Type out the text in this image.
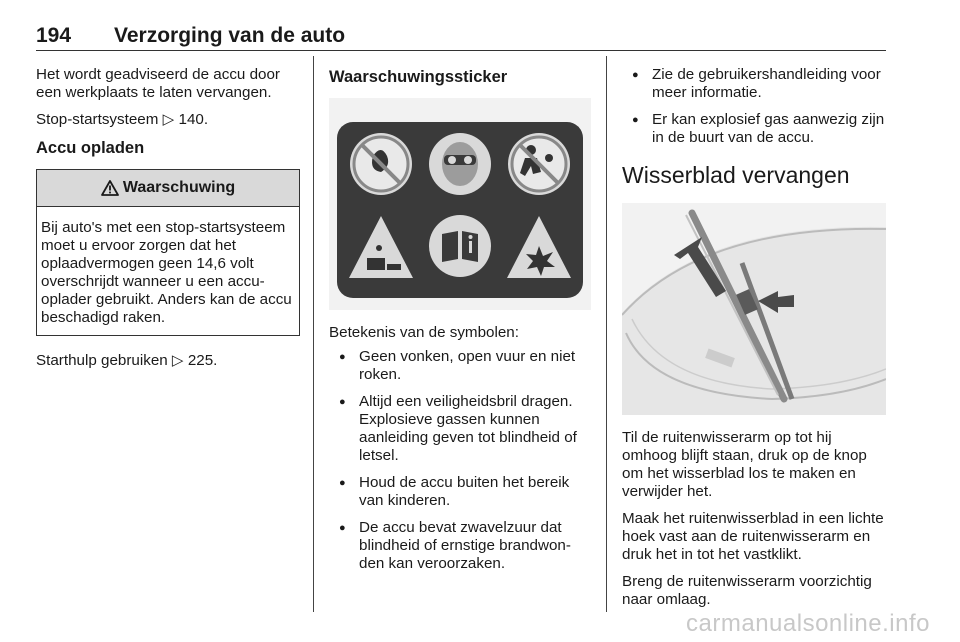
194 Verzorging van de auto

Het wordt geadviseerd de accu door een werkplaats te laten vervangen.

Stop-startsysteem ▷ 140.

Accu opladen
Waarschuwing
Bij auto's met een stop-startsysteem moet u ervoor zorgen dat het oplaadvermogen geen 14,6 volt overschrijdt wanneer u een accuoplader gebruikt. Anders kan de accu beschadigd raken.

Starthulp gebruiken ▷ 225.

Waarschuwingssticker

Betekenis van de symbolen:

● Geen vonken, open vuur en niet roken.
● Altijd een veiligheidsbril dragen. Explosieve gassen kunnen aanleiding geven tot blindheid of letsel.
● Houd de accu buiten het bereik van kinderen.
● De accu bevat zwavelzuur dat blindheid of ernstige brandwonden kan veroorzaken.
● Zie de gebruikershandleiding voor meer informatie.
● Er kan explosief gas aanwezig zijn in de buurt van de accu.
Wisserblad vervangen

Til de ruitenwisserarm op tot hij omhoog blijft staan, druk op de knop om het wisserblad los te maken en verwijder het.

Maak het ruitenwisserblad in een lichte hoek vast aan de ruitenwisserarm en druk het in tot het vastklikt.

Breng de ruitenwisserarm voorzichtig naar omlaag.

carmanualsonline.info
